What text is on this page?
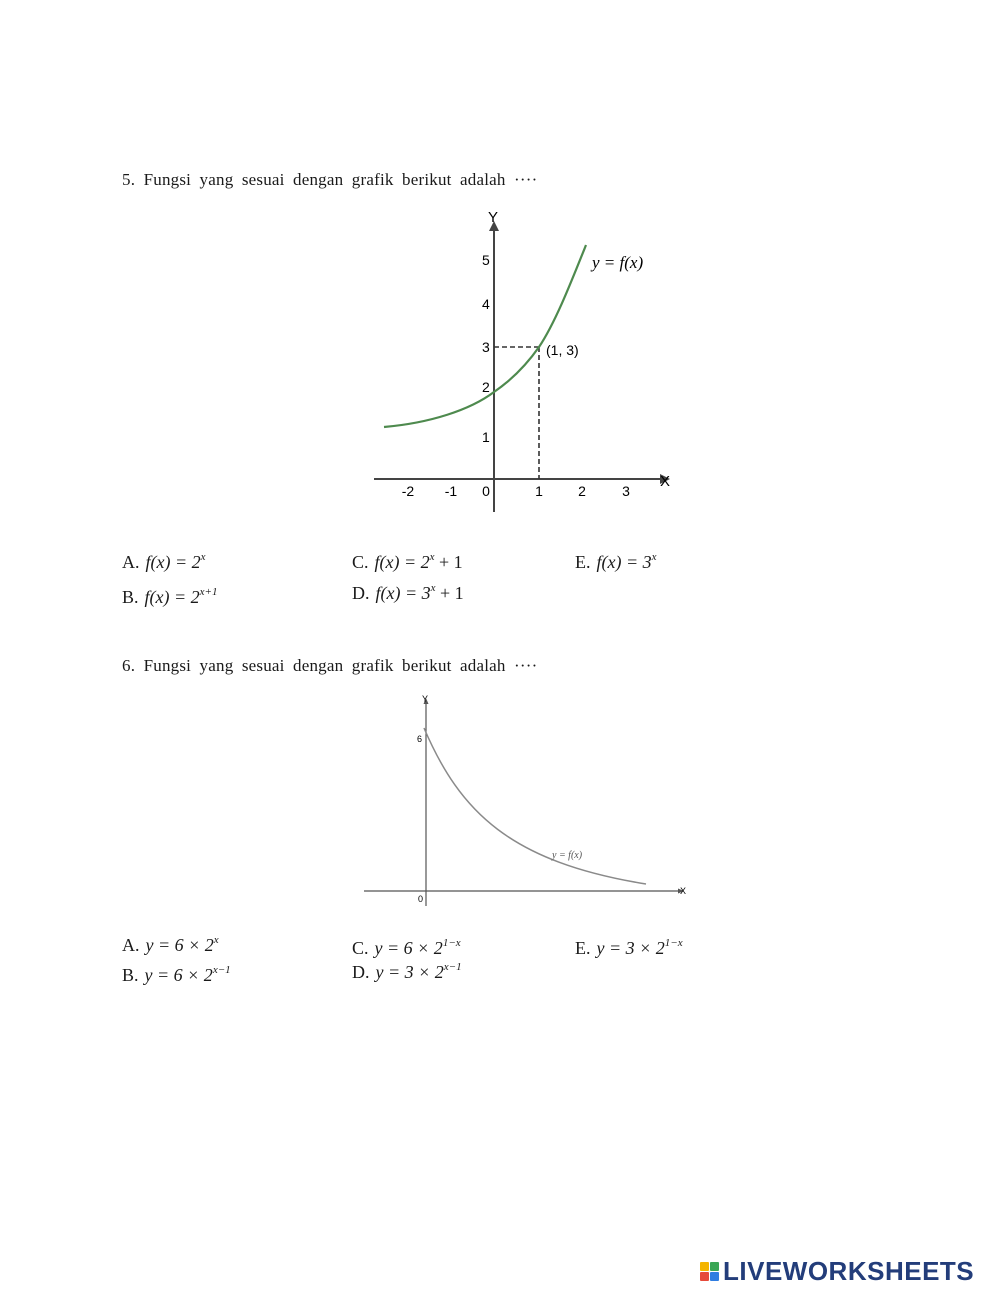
5. Fungsi yang sesuai dengan grafik berikut adalah ····
X
Y
-2 -1 0	1	2	3
1
2
3
4
5
(1, 3)
y = f(x)
A. $f(x) = 2^x$
B. $f(x) = 2^{x+1}$
C. $f(x) = 2^x + 1$
D. $f(x) = 3^x + 1$
E. $f(x) = 3^x$
6. Fungsi yang sesuai dengan grafik berikut adalah ····
X
Y
6
0
y = f(x)
A. $y = 6 \times 2^x$
B. $y = 6 \times 2^{x-1}$
C. $y = 6 \times 2^{1-x}$
D. $y = 3 \times 2^{x-1}$
E. $y = 3 \times 2^{1-x}$
LIVEWORKSHEETS
